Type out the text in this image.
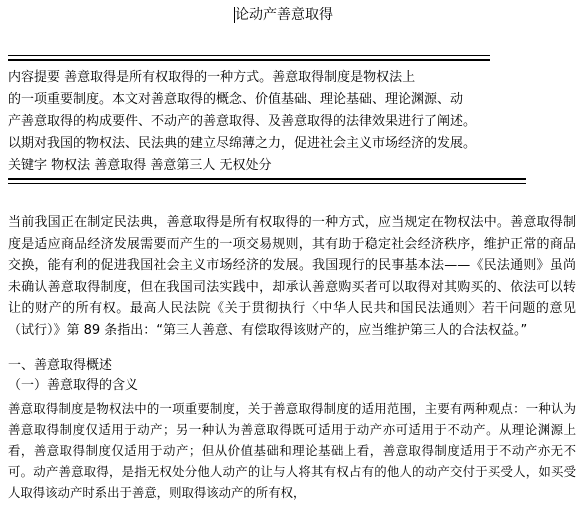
论动产善意取得
内容提要 善意取得是所有权取得的一种方式。善意取得制度是物权法上
的一项重要制度。本文对善意取得的概念、价值基础、理论基础、理论渊源、动
产善意取得的构成要件、不动产的善意取得、及善意取得的法律效果进行了阐述。
以期对我国的物权法、民法典的建立尽绵薄之力，促进社会主义市场经济的发展。
关键字 物权法 善意取得 善意第三人 无权处分
当前我国正在制定民法典，善意取得是所有权取得的一种方式，应当规定在物权法中。善意取得制度是适应商品经济发展需要而产生的一项交易规则，其有助于稳定社会经济秩序，维护正常的商品交换，能有利的促进我国社会主义市场经济的发展。我国现行的民事基本法——《民法通则》虽尚未确认善意取得制度，但在我国司法实践中，却承认善意购买者可以取得对其购买的、依法可以转让的财产的所有权。最高人民法院《关于贯彻执行〈中华人民共和国民法通则〉若干问题的意见（试行）》第 89 条指出：“第三人善意、有偿取得该财产的，应当维护第三人的合法权益。”
一、善意取得概述
（一）善意取得的含义
善意取得制度是物权法中的一项重要制度，关于善意取得制度的适用范围，主要有两种观点：一种认为善意取得制度仅适用于动产；另一种认为善意取得既可适用于动产亦可适用于不动产。从理论渊源上看，善意取得制度仅适用于动产；但从价值基础和理论基础上看，善意取得制度适用于不动产亦无不可。动产善意取得，是指无权处分他人动产的让与人将其有权占有的他人的动产交付于买受人，如买受人取得该动产时系出于善意，则取得该动产的所有权，
